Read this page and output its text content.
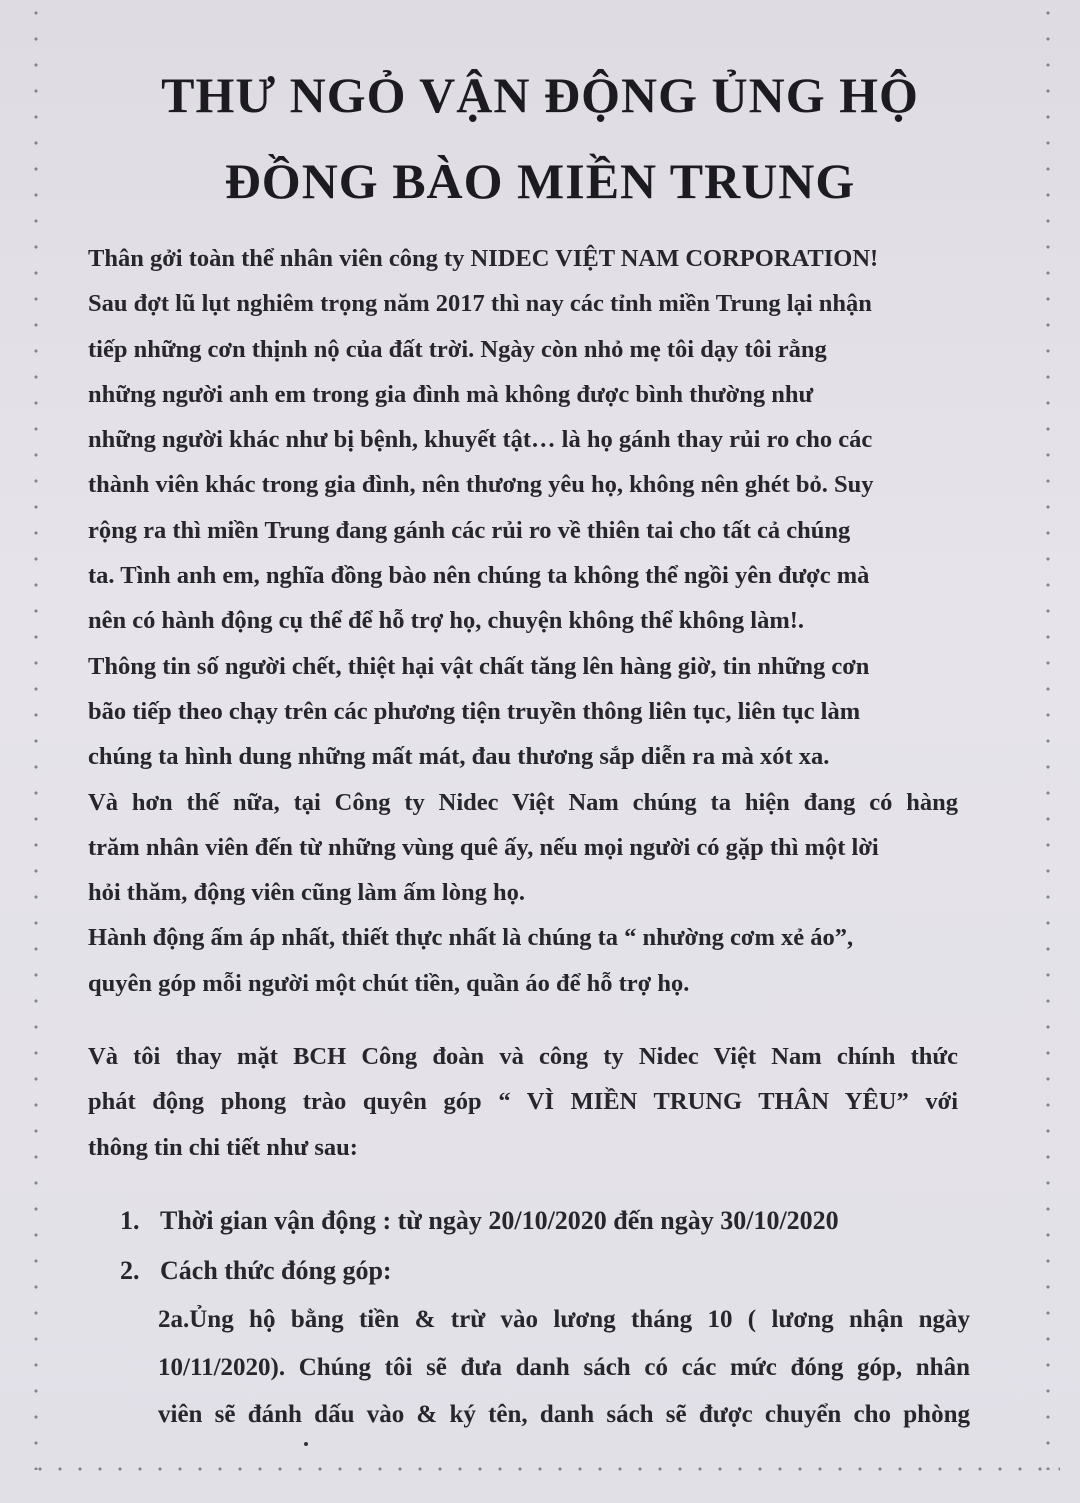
THƯ NGỎ VẬN ĐỘNG ỦNG HỘ
ĐỒNG BÀO MIỀN TRUNG
Thân gởi toàn thể nhân viên công ty NIDEC VIỆT NAM CORPORATION!
Sau đợt lũ lụt nghiêm trọng năm 2017 thì nay các tỉnh miền Trung lại nhận
tiếp những cơn thịnh nộ của đất trời. Ngày còn nhỏ mẹ tôi dạy tôi rằng
những người anh em trong gia đình mà không được bình thường như
những người khác như bị bệnh, khuyết tật… là họ gánh thay rủi ro cho các
thành viên khác trong gia đình, nên thương yêu họ, không nên ghét bỏ. Suy
rộng ra thì miền Trung đang gánh các rủi ro về thiên tai cho tất cả chúng
ta. Tình anh em, nghĩa đồng bào nên chúng ta không thể ngồi yên được mà
nên có hành động cụ thể để hỗ trợ họ, chuyện không thể không làm!.
Thông tin số người chết, thiệt hại vật chất tăng lên hàng giờ, tin những cơn
bão tiếp theo chạy trên các phương tiện truyền thông liên tục, liên tục làm
chúng ta hình dung những mất mát, đau thương sắp diễn ra mà xót xa.
Và hơn thế nữa, tại Công ty Nidec Việt Nam chúng ta hiện đang có hàng
trăm nhân viên đến từ những vùng quê ấy, nếu mọi người có gặp thì một lời
hỏi thăm, động viên cũng làm ấm lòng họ.
Hành động ấm áp nhất, thiết thực nhất là chúng ta “ nhường cơm xẻ áo”,
quyên góp mỗi người một chút tiền, quần áo để hỗ trợ họ.
Và tôi thay mặt BCH Công đoàn và công ty Nidec Việt Nam chính thức
phát động phong trào quyên góp “ VÌ MIỀN TRUNG THÂN YÊU” với
thông tin chi tiết như sau:
1. Thời gian vận động : từ ngày 20/10/2020 đến ngày 30/10/2020
2. Cách thức đóng góp:
2a.Ủng hộ bằng tiền & trừ vào lương tháng 10 ( lương nhận ngày
10/11/2020). Chúng tôi sẽ đưa danh sách có các mức đóng góp, nhân
viên sẽ đánh dấu vào & ký tên, danh sách sẽ được chuyển cho phòng
